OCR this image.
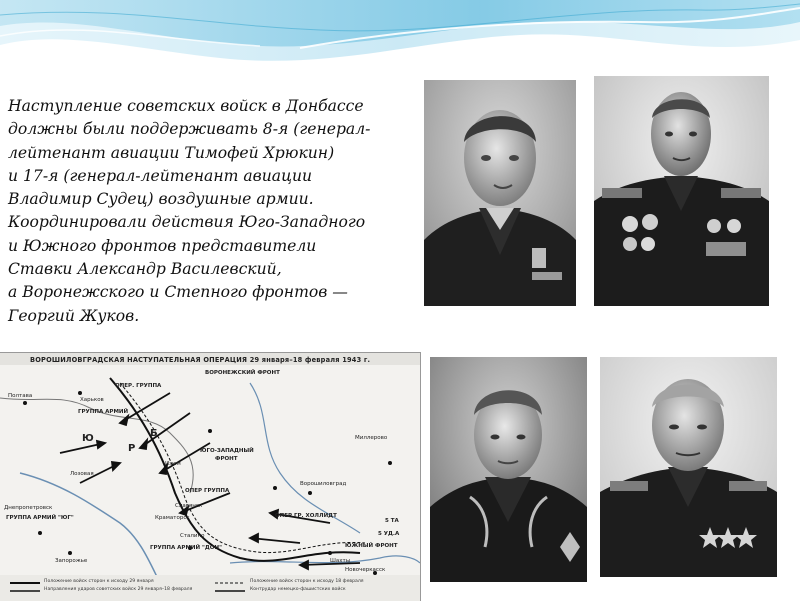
Наступление советских войск в Донбассе
должны были поддерживать 8-я (генерал-
лейтенант авиации Тимофей Хрюкин)
и 17-я (генерал-лейтенант авиации
Владимир Судец) воздушные армии.
Координировали действия Юго-Западного
и Южного фронтов представители
Ставки Александр Василевский,
а Воронежского и Степного фронтов —
Георгий Жуков.
ВОРОШИЛОВГРАДСКАЯ НАСТУПАТЕЛЬНАЯ ОПЕРАЦИЯ 29 января–18 февраля 1943 г.
ОПЕР. ГРУППА
ВОРОНЕЖСКИЙ ФРОНТ
ГРУППА АРМИЙ
Б
ЮГО-ЗАПАДНЫЙ
ФРОНТ
Ю
Р
ОПЕР ГРУППА
Ворошиловград
ГРУППА АРМИЙ "ЮГ"
ГРУППА АРМИЙ "ДОН"	ЮЖНЫЙ ФРОНТ
5 ТА
5 УД.А
Полтава
Харьков
Днепропетровск
Запорожье
Лозовая
Изюм
Славянск
Краматорск
Сталино
Шахты
Новочеркасск
ОПЕР ГР. ХОЛЛИДТ
Миллерово
Положение войск сторон к исходу 29 января
Направления ударов советских войск 29 января–18 февраля
Положение войск сторон к исходу 18 февраля
Контрудар немецко-фашистских войск
